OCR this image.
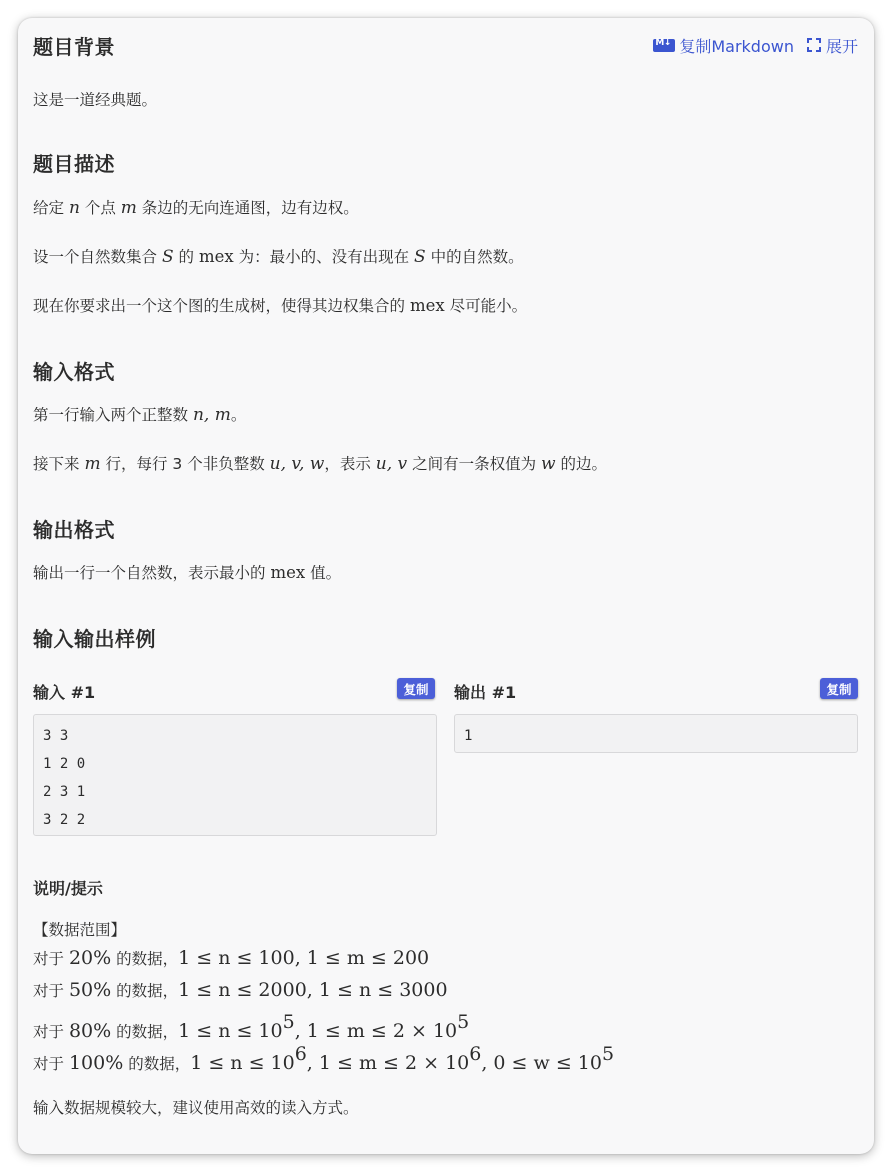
题目背景
M↓	复制Markdown 展开
这是一道经典题。
题目描述
给定 n 个点 m 条边的无向连通图，边有边权。
设一个自然数集合 S 的 mex 为：最小的、没有出现在 S 中的自然数。
现在你要求出一个这个图的生成树，使得其边权集合的 mex 尽可能小。
输入格式
第一行输入两个正整数 n, m。
接下来 m 行，每行 3 个非负整数 u, v, w，表示 u, v 之间有一条权值为 w 的边。
输出格式
输出一行一个自然数，表示最小的 mex 值。
输入输出样例
输入 #1	复制
3 3
1 2 0
2 3 1
3 2 2
输出 #1	复制
1
说明/提示
【数据范围】
对于 20% 的数据，1 ≤ n ≤ 100, 1 ≤ m ≤ 200
对于 50% 的数据，1 ≤ n ≤ 2000, 1 ≤ n ≤ 3000
对于 80% 的数据，$1 \le n \le 10^5$, $1 \le m \le 2 \times 10^5$
对于 100% 的数据，$1 \le n \le 10^6$, $1 \le m \le 2 \times 10^6$, $0 \le w \le 10^5$
输入数据规模较大，建议使用高效的读入方式。
